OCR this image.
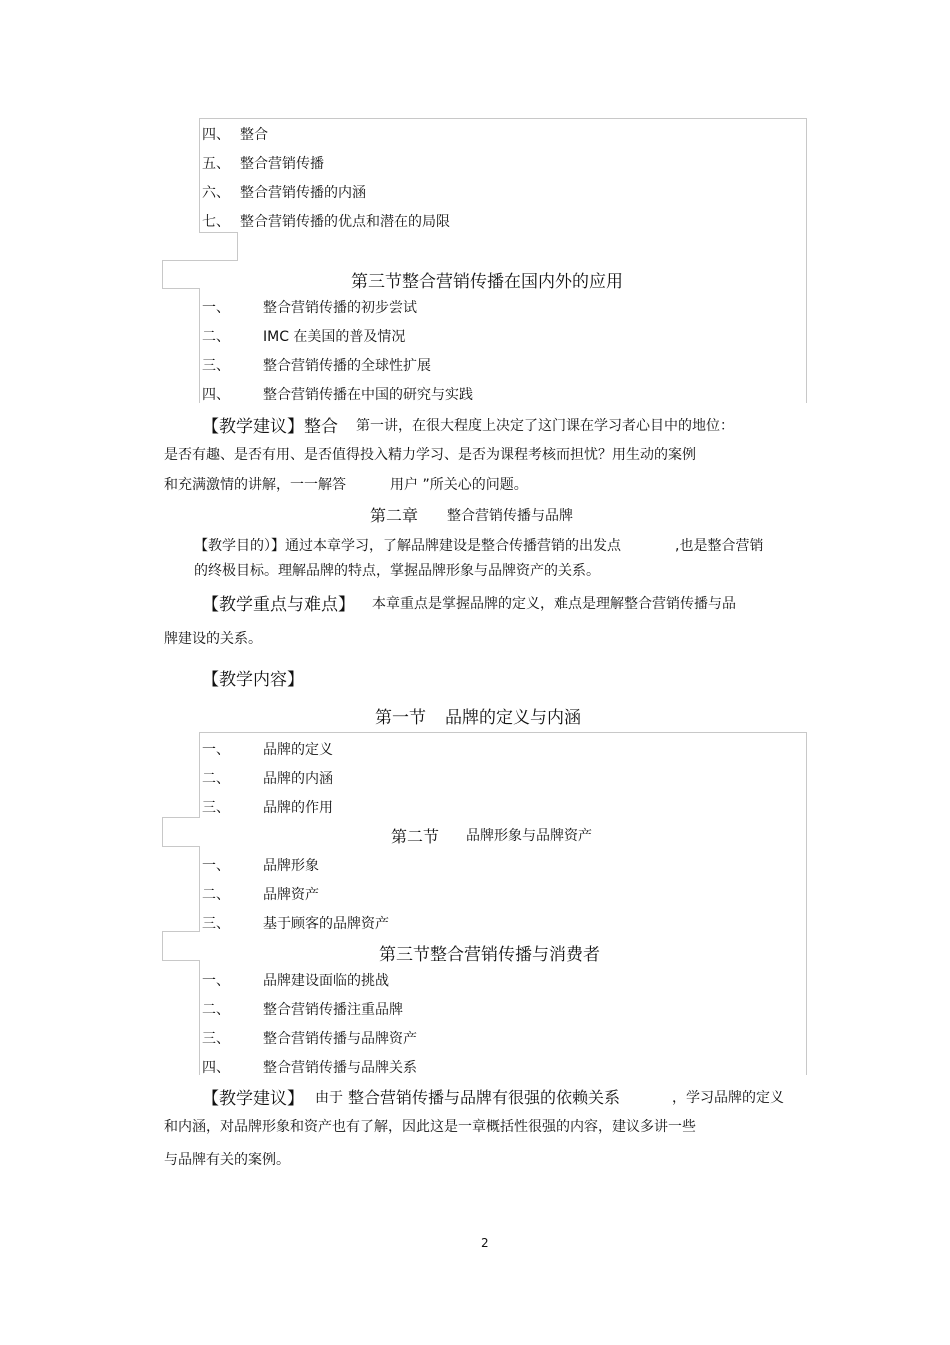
四、 整合
五、 整合营销传播
六、 整合营销传播的内涵
七、 整合营销传播的优点和潜在的局限
第三节整合营销传播在国内外的应用
一、 整合营销传播的初步尝试
二、 IMC 在美国的普及情况
三、 整合营销传播的全球性扩展
四、 整合营销传播在中国的研究与实践
【教学建议】整合 第一讲，在很大程度上决定了这门课在学习者心目中的地位：
是否有趣、是否有用、是否值得投入精力学习、是否为课程考核而担忧？用生动的案例
和充满激情的讲解，一一解答	用户 ”所关心的问题。
第二章 整合营销传播与品牌
【教学目的）】通过本章学习，了解品牌建设是整合传播营销的出发点	,也是整合营销
的终极目标。理解品牌的特点，掌握品牌形象与品牌资产的关系。
【教学重点与难点】 本章重点是掌握品牌的定义，难点是理解整合营销传播与品
牌建设的关系。
【教学内容】
第一节 品牌的定义与内涵
一、 品牌的定义
二、 品牌的内涵
三、 品牌的作用
第二节 品牌形象与品牌资产
一、 品牌形象
二、 品牌资产
三、 基于顾客的品牌资产
第三节整合营销传播与消费者
一、 品牌建设面临的挑战
二、 整合营销传播注重品牌
三、 整合营销传播与品牌资产
四、 整合营销传播与品牌关系
【教学建议】 由于 整合营销传播与品牌有很强的依赖关系	，学习品牌的定义
和内涵，对品牌形象和资产也有了解，因此这是一章概括性很强的内容，建议多讲一些
与品牌有关的案例。
2
